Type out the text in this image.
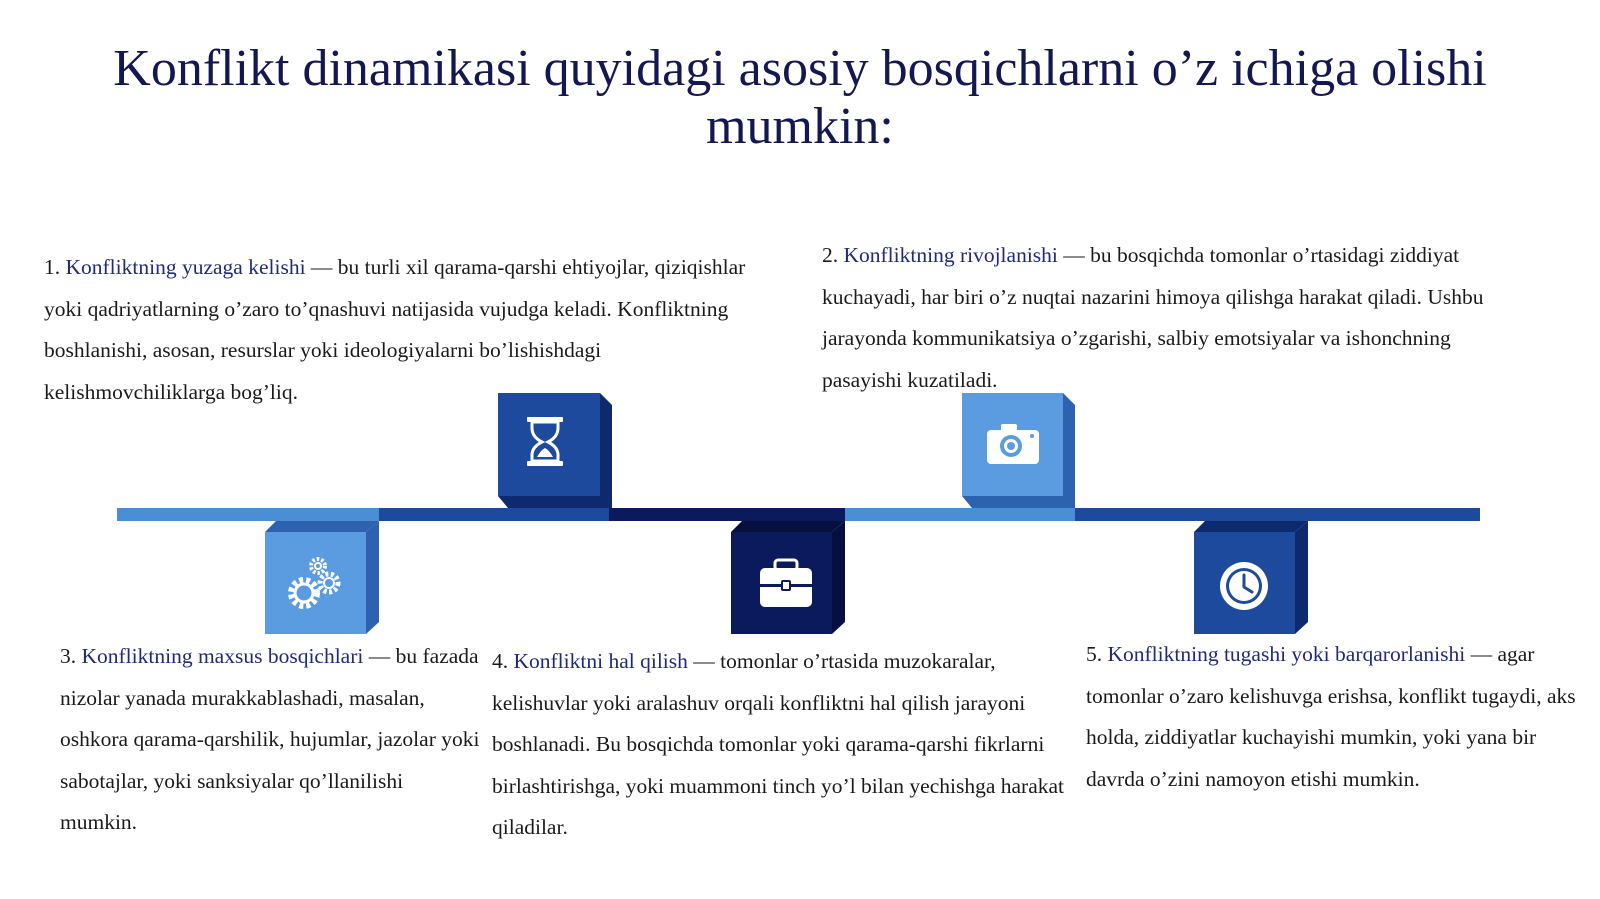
Konflikt dinamikasi quyidagi asosiy bosqichlarni o’z ichiga olishi mumkin:
1. Konfliktning yuzaga kelishi — bu turli xil qarama-qarshi ehtiyojlar, qiziqishlar yoki qadriyatlarning o’zaro to’qnashuvi natijasida vujudga keladi. Konfliktning boshlanishi, asosan, resurslar yoki ideologiyalarni bo’lishishdagi kelishmovchiliklarga bog’liq.
2. Konfliktning rivojlanishi — bu bosqichda tomonlar o’rtasidagi ziddiyat kuchayadi, har biri o’z nuqtai nazarini himoya qilishga harakat qiladi. Ushbu jarayonda kommunikatsiya o’zgarishi, salbiy emotsiyalar va ishonchning pasayishi kuzatiladi.
3. Konfliktning maxsus bosqichlari — bu fazada nizolar yanada murakkablashadi, masalan, oshkora qarama-qarshilik, hujumlar, jazolar yoki sabotajlar, yoki sanksiyalar qo’llanilishi mumkin.
4. Konfliktni hal qilish — tomonlar o’rtasida muzokaralar, kelishuvlar yoki aralashuv orqali konfliktni hal qilish jarayoni boshlanadi. Bu bosqichda tomonlar yoki qarama-qarshi fikrlarni birlashtirishga, yoki muammoni tinch yo’l bilan yechishga harakat qiladilar.
5. Konfliktning tugashi yoki barqarorlanishi — agar tomonlar o’zaro kelishuvga erishsa, konflikt tugaydi, aks holda, ziddiyatlar kuchayishi mumkin, yoki yana bir davrda o’zini namoyon etishi mumkin.
